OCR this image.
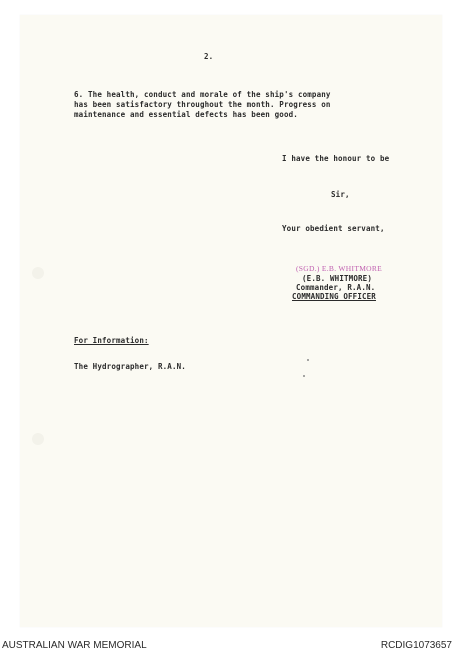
2.

6. The health, conduct and morale of the ship's company

has been satisfactory throughout the month. Progress on

maintenance and essential defects has been good.

I have the honour to be

Sir,

Your obedient servant,

(SGD.) E.B. WHITMORE

(E.B. WHITMORE)

Commander, R.A.N.

COMMANDING OFFICER

For Information:

The Hydrographer, R.A.N.

AUSTRALIAN WAR MEMORIAL	RCDIG1073657
